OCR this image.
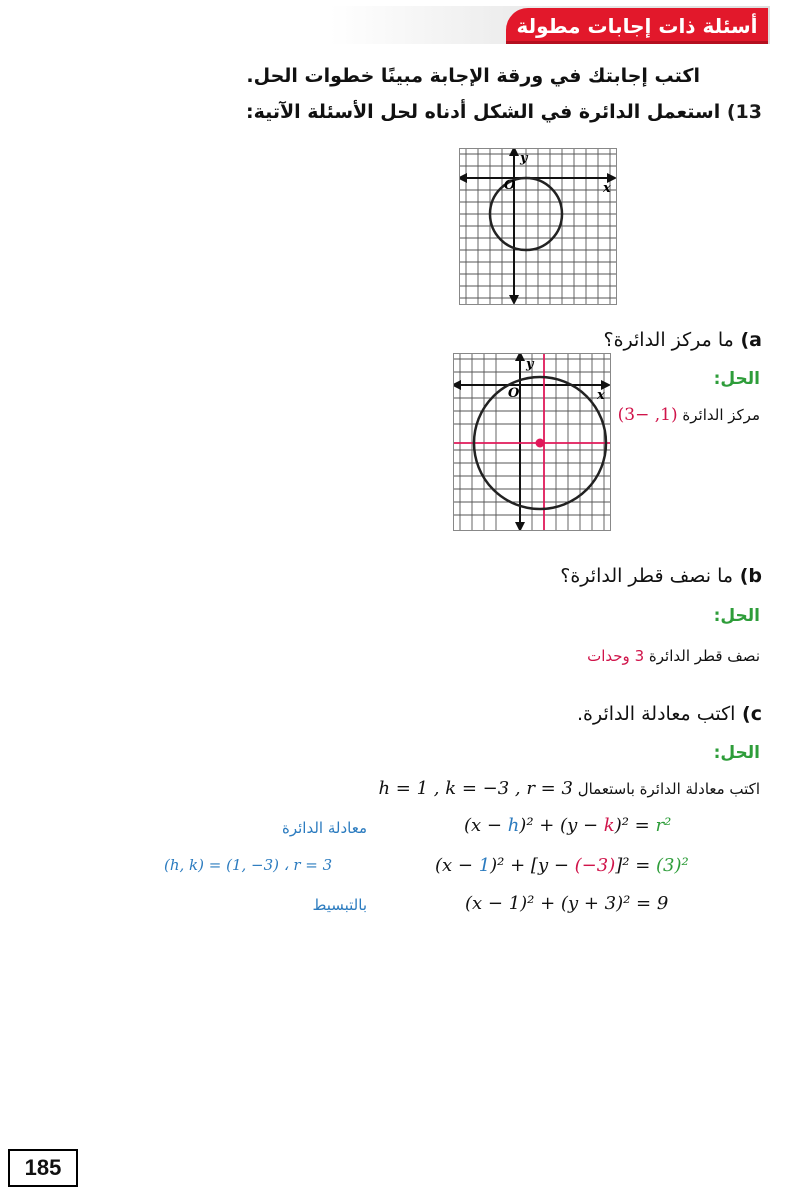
أسئلة ذات إجابات مطولة
اكتب إجابتك في ورقة الإجابة مبينًا خطوات الحل.
13) استعمل الدائرة في الشكل أدناه لحل الأسئلة الآتية:
x
y
O
a) ما مركز الدائرة؟
الحل:
مركز الدائرة (1, −3)
x
y
O
b) ما نصف قطر الدائرة؟
الحل:
نصف قطر الدائرة 3 وحدات
c) اكتب معادلة الدائرة.
الحل:
اكتب معادلة الدائرة باستعمال h = 1 , k = −3 , r = 3
(x − h)² + (y − k)² = r²
معادلة الدائرة
(x − 1)² + [y − (−3)]² = (3)²
(h, k) = (1, −3) ، r = 3
(x − 1)² + (y + 3)² = 9
بالتبسيط
185
